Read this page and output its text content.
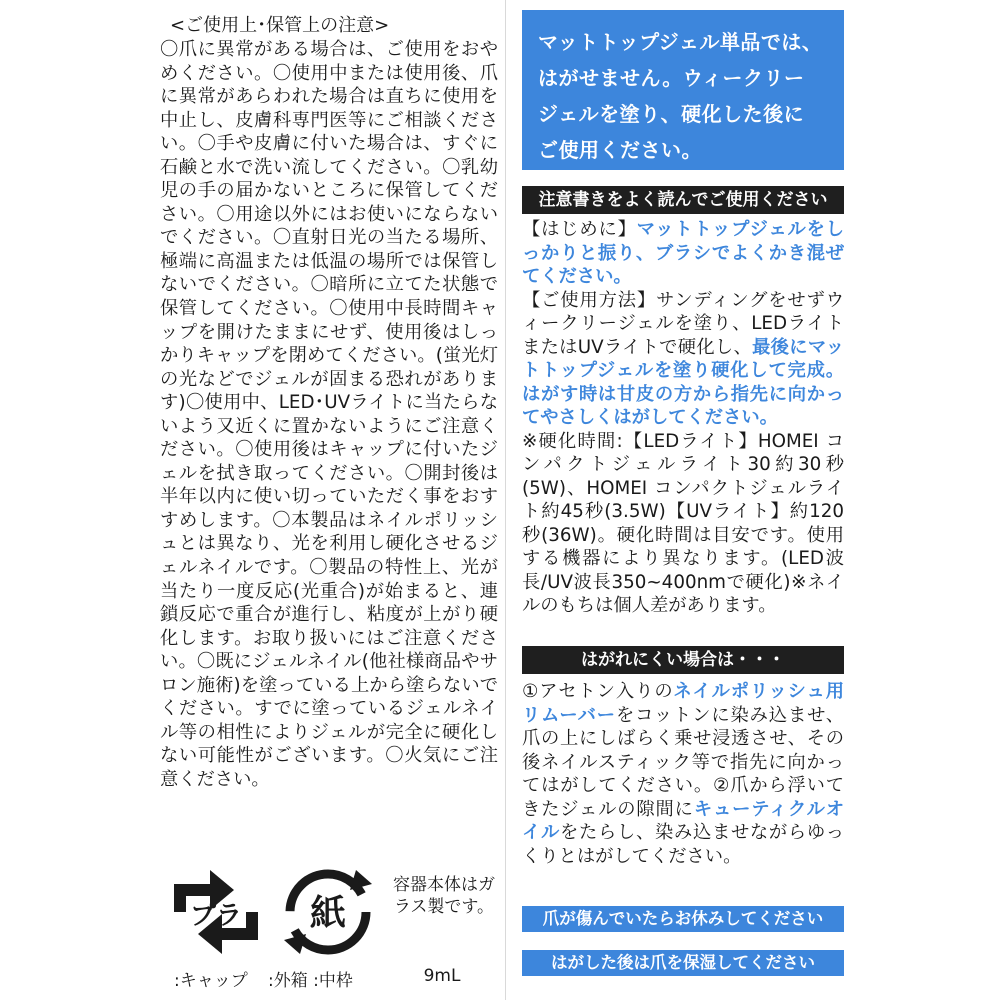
<ご使用上･保管上の注意>

〇爪に異常がある場合は、ご使用をおやめください。〇使用中または使用後、爪に異常があらわれた場合は直ちに使用を中止し、皮膚科専門医等にご相談ください。〇手や皮膚に付いた場合は、すぐに石鹸と水で洗い流してください。〇乳幼児の手の届かないところに保管してください。〇用途以外にはお使いにならないでください。〇直射日光の当たる場所、極端に高温または低温の場所では保管しないでください。〇暗所に立てた状態で保管してください。〇使用中長時間キャップを開けたままにせず、使用後はしっかりキャップを閉めてください。(蛍光灯の光などでジェルが固まる恐れがあります)〇使用中、LED･UVライトに当たらないよう又近くに置かないようにご注意ください。〇使用後はキャップに付いたジェルを拭き取ってください。〇開封後は半年以内に使い切っていただく事をおすすめします。〇本製品はネイルポリッシュとは異なり、光を利用し硬化させるジェルネイルです。〇製品の特性上、光が当たり一度反応(光重合)が始まると、連鎖反応で重合が進行し、粘度が上がり硬化します。お取り扱いにはご注意ください。〇既にジェルネイル(他社様商品やサロン施術)を塗っている上から塗らないでください。すでに塗っているジェルネイル等の相性によりジェルが完全に硬化しない可能性がございます。〇火気にご注意ください。

プラ 紙
:キャップ :外箱 :中枠

容器本体はガラス製です。

9mL

マットトップジェル単品では、

はがせません。ウィークリー

ジェルを塗り、硬化した後に

ご使用ください。

注意書きをよく読んでご使用ください

【はじめに】マットトップジェルをしっかりと振り、ブラシでよくかき混ぜてください。
【ご使用方法】サンディングをせずウィークリージェルを塗り、LEDライトまたはUVライトで硬化し、最後にマットトップジェルを塗り硬化して完成。はがす時は甘皮の方から指先に向かってやさしくはがしてください。
※硬化時間:【LEDライト】HOMEI コンパクトジェルライト30約30秒(5W)、HOMEI コンパクトジェルライト約45秒(3.5W)【UVライト】約120秒(36W)。硬化時間は目安です。使用する機器により異なります。(LED波長/UV波長350~400nmで硬化)※ネイルのもちは個人差があります。

はがれにくい場合は・・・

①アセトン入りのネイルポリッシュ用リムーバーをコットンに染み込ませ、爪の上にしばらく乗せ浸透させ、その後ネイルスティック等で指先に向かってはがしてください。②爪から浮いてきたジェルの隙間にキューティクルオイルをたらし、染み込ませながらゆっくりとはがしてください。

爪が傷んでいたらお休みしてください
はがした後は爪を保湿してください
